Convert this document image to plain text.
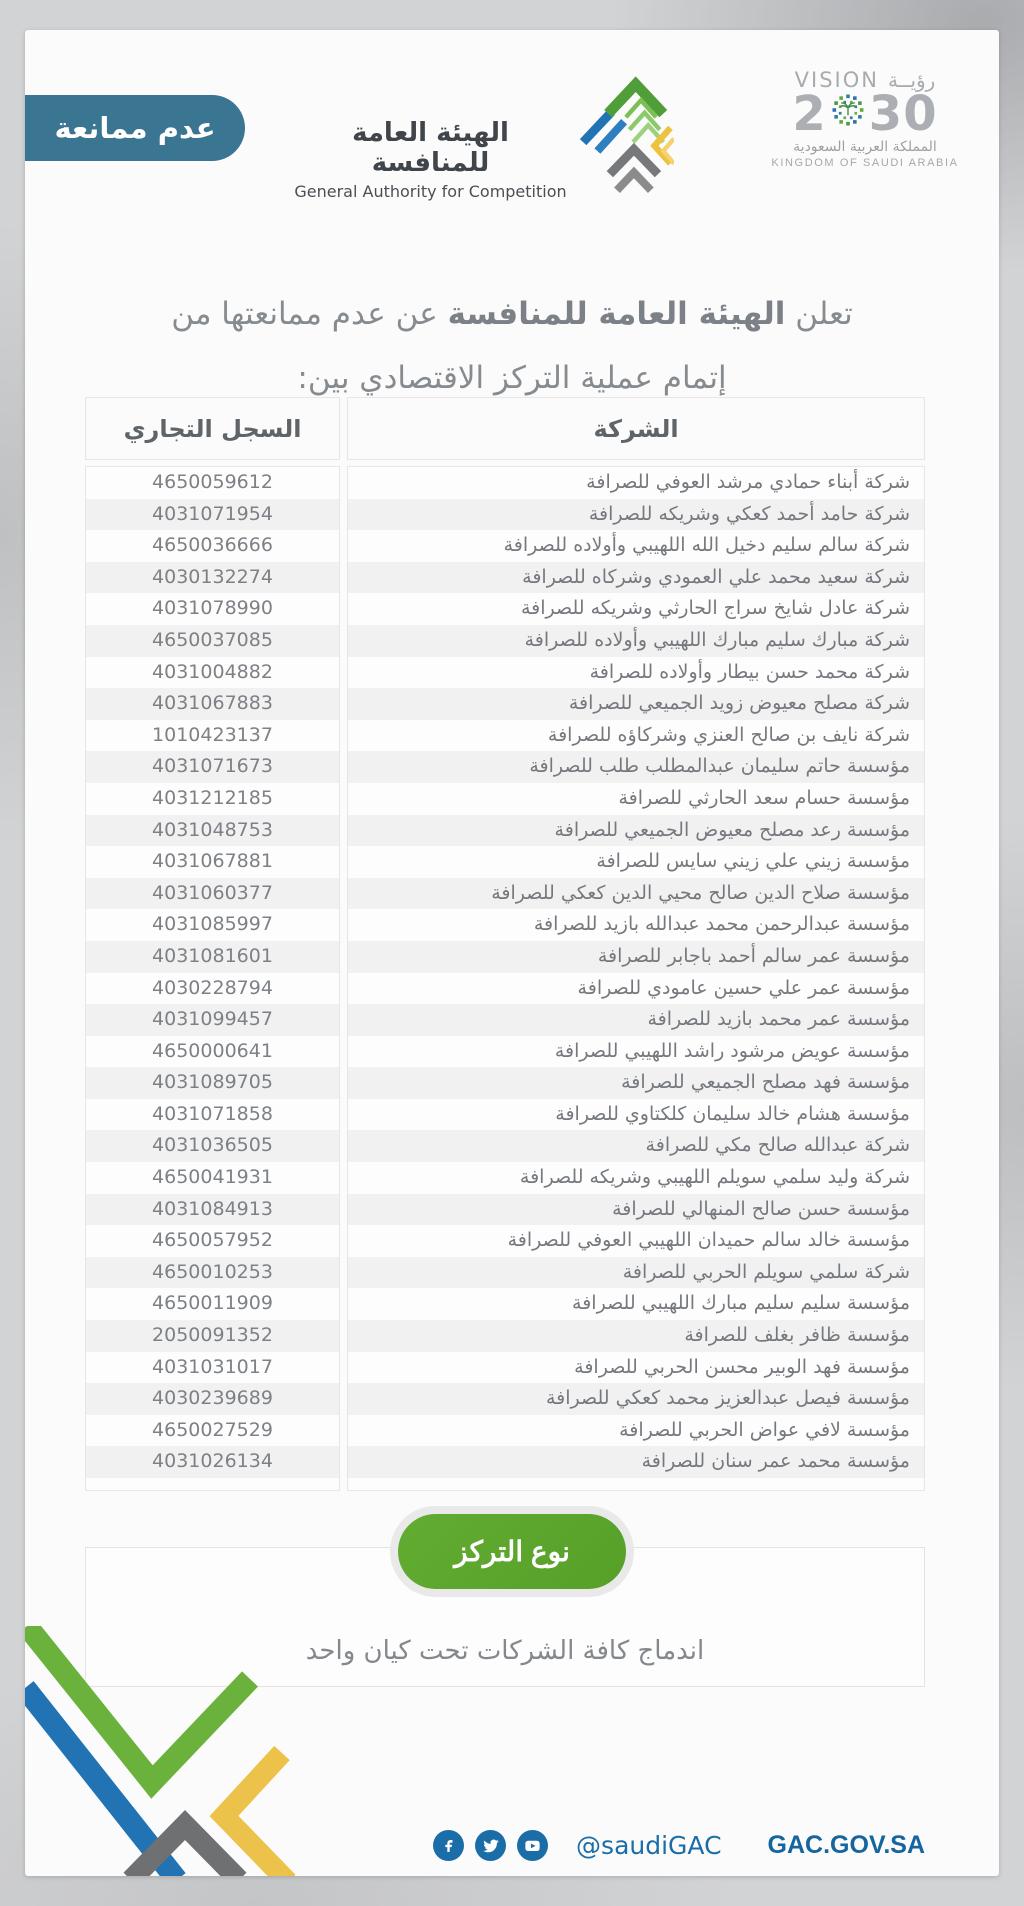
عدم ممانعة	الهيئة العامة للمنافسة
General Authority for Competition
VISION رؤيــة
2 30
المملكة العربية السعودية
KINGDOM OF SAUDI ARABIA
تعلن الهيئة العامة للمنافسة عن عدم ممانعتها من
إتمام عملية التركز الاقتصادي بين:
الشركة
السجل التجاري
شركة أبناء حمادي مرشد العوفي للصرافة
شركة حامد أحمد كعكي وشريكه للصرافة
شركة سالم سليم دخيل الله اللهيبي وأولاده للصرافة
شركة سعيد محمد علي العمودي وشركاه للصرافة
شركة عادل شايخ سراج الحارثي وشريكه للصرافة
شركة مبارك سليم مبارك اللهيبي وأولاده للصرافة
شركة محمد حسن بيطار وأولاده للصرافة
شركة مصلح معيوض زويد الجميعي للصرافة
شركة نايف بن صالح العنزي وشركاؤه للصرافة
مؤسسة حاتم سليمان عبدالمطلب طلب للصرافة
مؤسسة حسام سعد الحارثي للصرافة
مؤسسة رعد مصلح معيوض الجميعي للصرافة
مؤسسة زيني علي زيني سايس للصرافة
مؤسسة صلاح الدين صالح محيي الدين كعكي للصرافة
مؤسسة عبدالرحمن محمد عبدالله بازيد للصرافة
مؤسسة عمر سالم أحمد باجابر للصرافة
مؤسسة عمر علي حسين عامودي للصرافة
مؤسسة عمر محمد بازيد للصرافة
مؤسسة عويض مرشود راشد اللهيبي للصرافة
مؤسسة فهد مصلح الجميعي للصرافة
مؤسسة هشام خالد سليمان كلكتاوي للصرافة
شركة عبدالله صالح مكي للصرافة
شركة وليد سلمي سويلم اللهيبي وشريكه للصرافة
مؤسسة حسن صالح المنهالي للصرافة
مؤسسة خالد سالم حميدان اللهيبي العوفي للصرافة
شركة سلمي سويلم الحربي للصرافة
مؤسسة سليم سليم مبارك اللهيبي للصرافة
مؤسسة ظافر بغلف للصرافة
مؤسسة فهد الوبير محسن الحربي للصرافة
مؤسسة فيصل عبدالعزيز محمد كعكي للصرافة
مؤسسة لافي عواض الحربي للصرافة
مؤسسة محمد عمر سنان للصرافة
4650059612
4031071954
4650036666
4030132274
4031078990
4650037085
4031004882
4031067883
1010423137
4031071673
4031212185
4031048753
4031067881
4031060377
4031085997
4031081601
4030228794
4031099457
4650000641
4031089705
4031071858
4031036505
4650041931
4031084913
4650057952
4650010253
4650011909
2050091352
4031031017
4030239689
4650027529
4031026134
اندماج كافة الشركات تحت كيان واحد
نوع التركز
@saudiGAC GAC.GOV.SA
